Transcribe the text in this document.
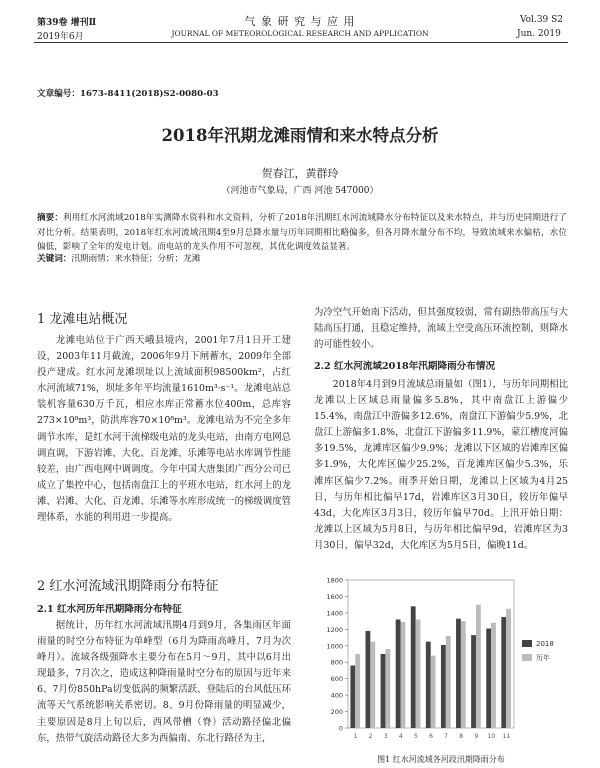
第39卷 增刊Ⅱ	气 象 研 究 与 应 用	Vol.39 S2
2019年6月	JOURNAL OF METEOROLOGICAL RESEARCH AND APPLICATION	Jun. 2019
文章编号：1673-8411(2018)S2-0080-03
2018年汛期龙滩雨情和来水特点分析
贺春江，黄群玲
（河池市气象局，广西 河池 547000）
摘要：利用红水河流域2018年实测降水资料和水文资料，分析了2018年汛期红水河流域降水分布特征以及来水特点，并与历史同期进行了对比分析。结果表明，2018年红水河流域汛期4至9月总降水量与历年同期相比略偏多，但各月降水量分布不均，导致流域来水偏枯，水位偏低，影响了全年的发电计划。而电站的龙头作用不可忽视，其优化调度效益显著。
关键词：汛期雨情；来水特征；分析；龙滩
1 龙滩电站概况

龙滩电站位于广西天峨县境内，2001年7月1日开工建设，2003年11月截流，2006年9月下闸蓄水，2009年全部投产建成。红水河龙滩坝址以上流域面积98500km²，占红水河流域71%，坝址多年平均流量1610m³·s⁻¹。龙滩电站总装机容量630万千瓦，相应水库正常蓄水位400m，总库容273×10⁸m³，防洪库容70×10⁸m³。龙滩电站为不完全多年调节水库，是红水河干流梯级电站的龙头电站，由南方电网总调直调，下游岩滩、大化、百龙滩、乐滩等电站水库调节性能较差，由广西电网中调调度。今年中国大唐集团广西分公司已成立了集控中心，包括南盘江上的平班水电站，红水河上的龙滩、岩滩、大化、百龙滩、乐滩等水库形成统一的梯级调度管理体系，水能的利用进一步提高。

2 红水河流域汛期降雨分布特征
2.1 红水河历年汛期降雨分布特征

据统计，历年红水河流域汛期4月到9月，各集雨区年面雨量的时空分布特征为单峰型（6月为降雨高峰月，7月为次峰月）。流域各级强降水主要分布在5月～9月，其中以6月出现最多，7月次之，造成这种降雨量时空分布的原因与近年来6、7月份850hPa切变低涡的频繁活跃、登陆后的台风低压环流等天气系统影响关系密切。8、9月份降雨量的明显减少，主要原因是8月上旬以后，西风带槽（脊）活动路径偏北偏东，热带气旋活动路径大多为西偏南、东北行路径为主，

为冷空气开始南下活动，但其强度较弱，常有副热带高压与大陆高压打通，且稳定维持，流域上空受高压环流控制，则降水的可能性较小。

2.2 红水河流域2018年汛期降雨分布情况

2018年4月到9月流域总雨量如（图1），与历年同期相比龙滩以上区域总雨量偏多5.8%，其中南盘江上游偏少15.4%，南盘江中游偏多12.6%，南盘江下游偏少5.9%，北盘江上游偏多1.8%，北盘江下游偏多11.9%，蒙江槽度河偏多19.5%，龙滩库区偏少9.9%；龙滩以下区域的岩滩库区偏多1.9%，大化库区偏少25.2%，百龙滩库区偏少5.3%，乐滩库区偏少7.2%。雨季开始日期，龙滩以上区域为4月25日，与历年相比偏早17d，岩滩库区3月30日，较历年偏早43d，大化库区3月3日，较历年偏早70d。上汛开始日期：龙滩以上区域为5月8日，与历年相比偏早9d，岩滩库区为3月30日，偏早32d，大化库区为5月5日，偏晚11d。

1800
1600
1400
1200
1000
800
600
400
200
0
1 2 3 4 5 6 7 8 9 10 11
2018
历年
图1 红水河流域各河段汛期降雨分布
